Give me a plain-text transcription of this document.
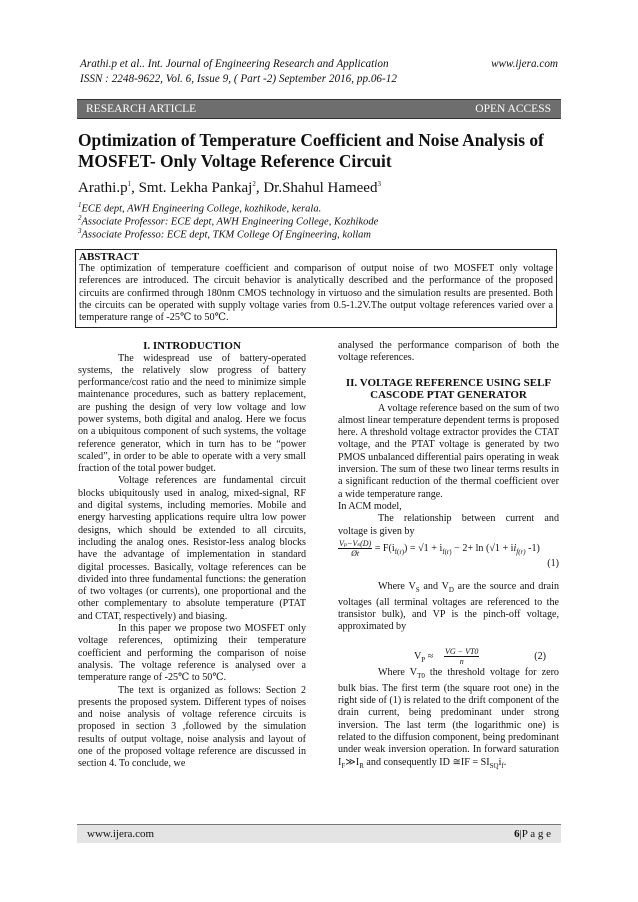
Arathi.p et al.. Int. Journal of Engineering Research and Application	www.ijera.com
ISSN : 2248-9622, Vol. 6, Issue 9, ( Part -2) September 2016, pp.06-12
RESEARCH ARTICLE	OPEN ACCESS
Optimization of Temperature Coefficient and Noise Analysis of MOSFET- Only Voltage Reference Circuit
$Arathi.p^1$, Smt. Lekha Pankaj$^2$, Dr.Shahul Hameed$^3$
$^1$ECE dept, AWH Engineering College, kozhikode, kerala.
$^2$Associate Professor: ECE dept, AWH Engineering College, Kozhikode
$^3$Associate Professo: ECE dept, TKM College Of Engineering, kollam
ABSTRACT
The optimization of temperature coefficient and comparison of output noise of two MOSFET only voltage references are introduced. The circuit behavior is analytically described and the performance of the proposed circuits are confirmed through 180nm CMOS technology in virtuoso and the simulation results are presented. Both the circuits can be operated with supply voltage varies from 0.5-1.2V.The output voltage references varied over a temperature range of -25℃ to 50℃.
I. INTRODUCTION

The widespread use of battery-operated systems, the relatively slow progress of battery performance/cost ratio and the need to minimize simple maintenance procedures, such as battery replacement, are pushing the design of very low voltage and low power systems, both digital and analog. Here we focus on a ubiquitous component of such systems, the voltage reference generator, which in turn has to be “power scaled”, in order to be able to operate with a very small fraction of the total power budget.

Voltage references are fundamental circuit blocks ubiquitously used in analog, mixed-signal, RF and digital systems, including memories. Mobile and energy harvesting applications require ultra low power designs, which should be extended to all circuits, including the analog ones. Resistor-less analog blocks have the advantage of implementation in standard digital processes. Basically, voltage references can be divided into three fundamental functions: the generation of two voltages (or currents), one proportional and the other complementary to absolute temperature (PTAT and CTAT, respectively) and biasing.

In this paper we propose two MOSFET only voltage references, optimizing their temperature coefficient and performing the comparison of noise analysis. The voltage reference is analysed over a temperature range of -25℃ to 50℃.

The text is organized as follows: Section 2 presents the proposed system. Different types of noises and noise analysis of voltage reference circuits is proposed in section 3 ,followed by the simulation results of output voltage, noise analysis and layout of one of the proposed voltage reference are discussed in section 4. To conclude, we

analysed the performance comparison of both the voltage references.

II. VOLTAGE REFERENCE USING SELF CASCODE PTAT GENERATOR

A voltage reference based on the sum of two almost linear temperature dependent terms is proposed here. A threshold voltage extractor provides the CTAT voltage, and the PTAT voltage is generated by two PMOS unbalanced differential pairs operating in weak inversion. The sum of these two linear terms results in a significant reduction of the thermal coefficient over a wide temperature range.

In ACM model,

The relationship between current and voltage is given by

$\frac{\text{Vₚ−Vₛ(D)}}{Øt} = F(i_{f(r)}) = √1 + i_{f(r)} - 2+ \ln (√1 + ii_{f(r)}$ -1)
(1)

Where $V_S$ and $V_D$ are the source and drain voltages (all terminal voltages are referenced to the transistor bulk), and VP is the pinch-off voltage, approximated by

$V_P \approx \frac{VG - VT0}{n}$	(2)

Where $V_{T0}$ the threshold voltage for zero bulk bias. The first term (the square root one) in the right side of (1) is related to the drift component of the drain current, being predominant under strong inversion. The last term (the logarithmic one) is related to the diffusion component, being predominant under weak inversion operation. In forward saturation $I_F≫I_R$ and consequently ID ≅IF = $SI_{SQ}i_f$.

www.ijera.com	6|P a g e
